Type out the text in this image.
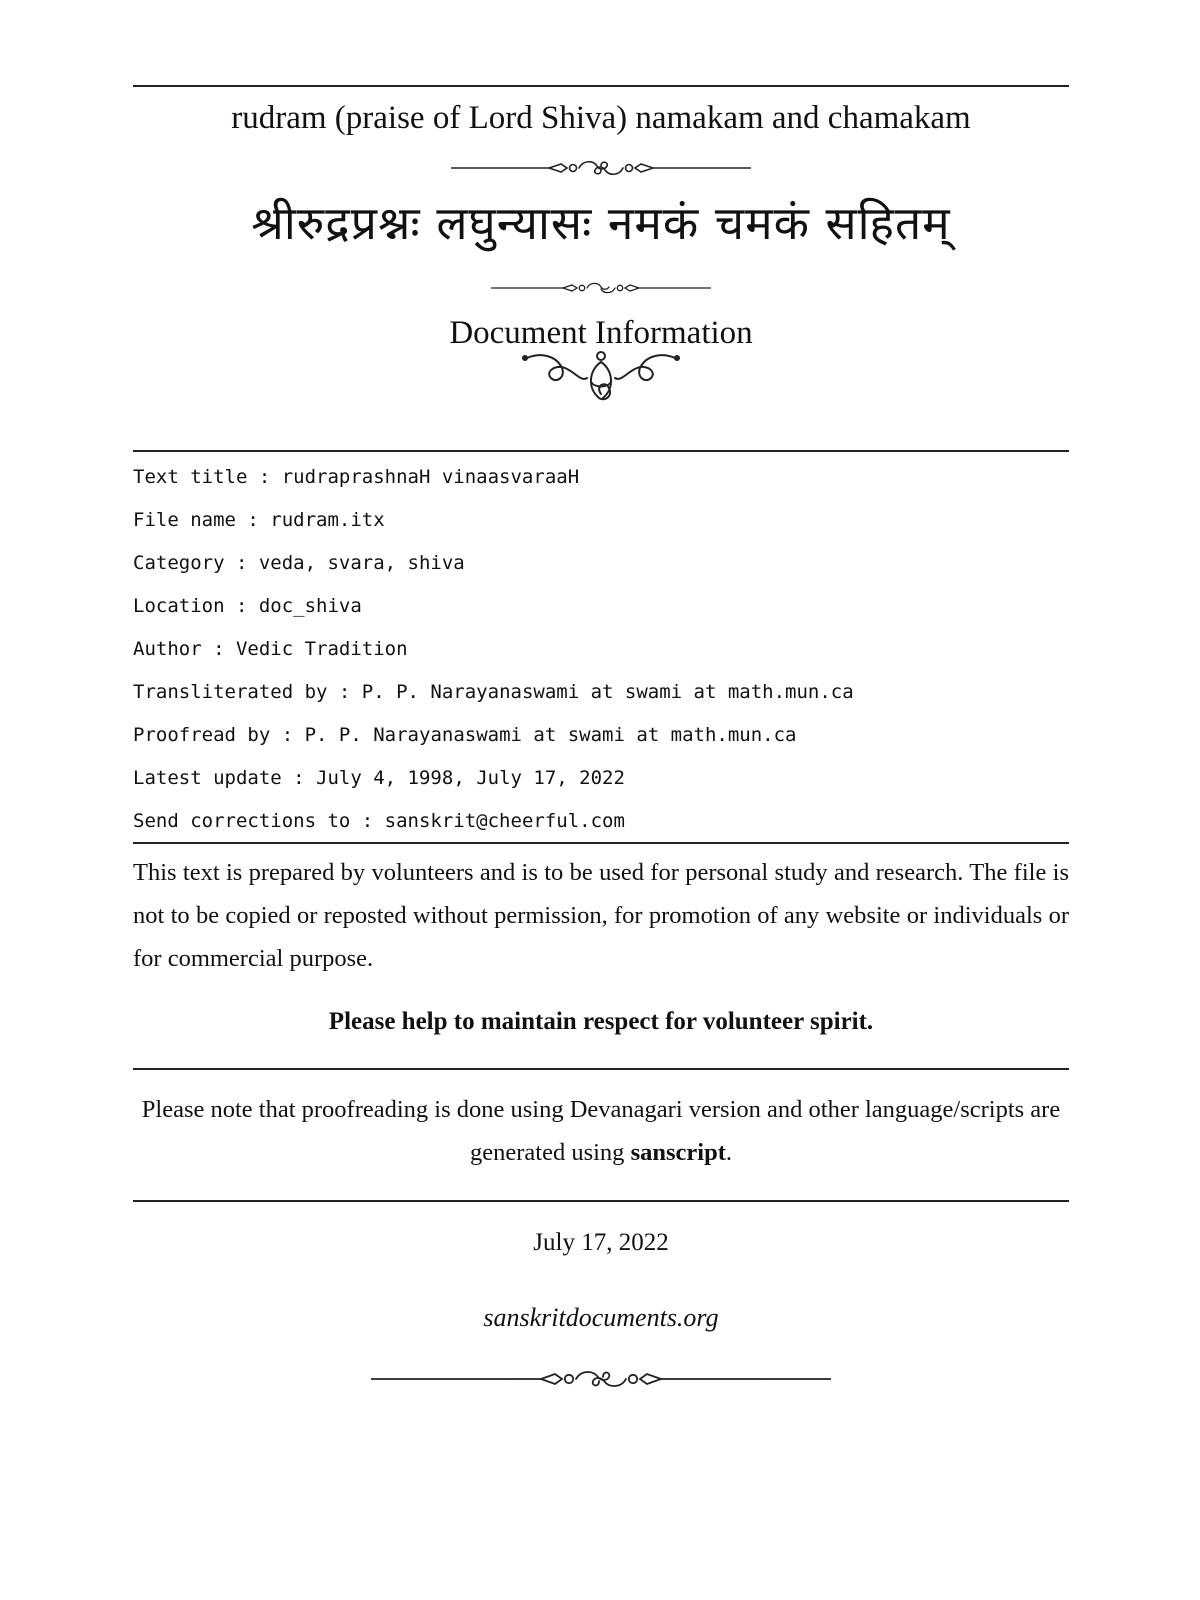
rudram (praise of Lord Shiva) namakam and chamakam
श्रीरुद्रप्रश्नः लघुन्यासः नमकं चमकं सहितम्
Document Information
Text title : rudraprashnaH vinaasvaraaH
File name : rudram.itx
Category : veda, svara, shiva
Location : doc_shiva
Author : Vedic Tradition
Transliterated by : P. P. Narayanaswami at swami at math.mun.ca
Proofread by : P. P. Narayanaswami at swami at math.mun.ca
Latest update : July 4, 1998, July 17, 2022
Send corrections to : sanskrit@cheerful.com
This text is prepared by volunteers and is to be used for personal study and research. The file is not to be copied or reposted without permission, for promotion of any website or individuals or for commercial purpose.
Please help to maintain respect for volunteer spirit.
Please note that proofreading is done using Devanagari version and other language/scripts are generated using sanscript.
July 17, 2022
sanskritdocuments.org
